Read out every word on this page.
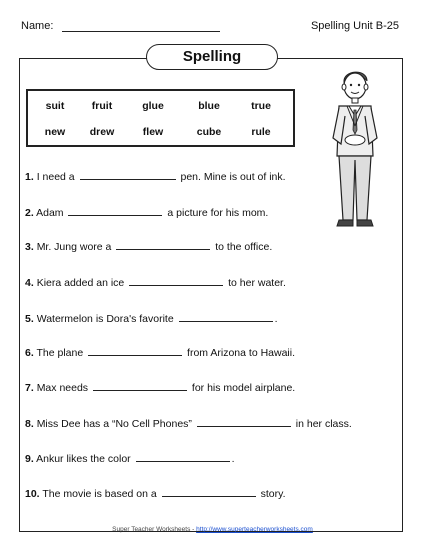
Name:	Spelling Unit B-25
Spelling
suit	fruit	glue	blue	true
new	drew	flew	cube	rule
1. I need a	pen. Mine is out of ink.
2. Adam	a picture for his mom.
3. Mr. Jung wore a	to the office.
4. Kiera added an ice	to her water.
5. Watermelon is Dora's favorite	.
6. The plane	from Arizona to Hawaii.
7. Max needs	for his model airplane.
8. Miss Dee has a “No Cell Phones”	in her class.
9. Ankur likes the color	.
10. The movie is based on a	story.
Super Teacher Worksheets - http://www.superteacherworksheets.com
